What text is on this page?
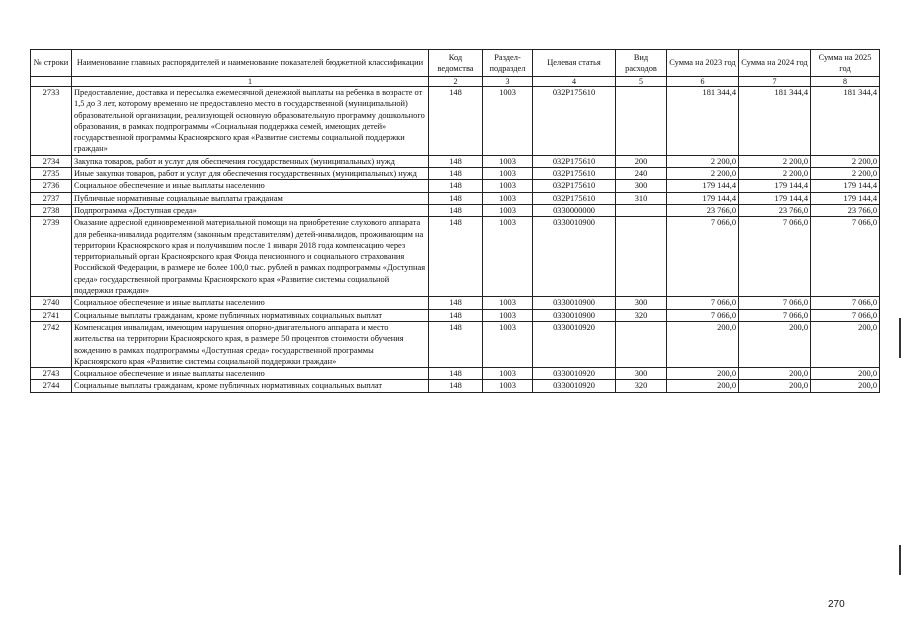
№ строки	Наименование главных распорядителей и наименование показателей бюджетной классификации	Код ведомства	Раздел-подраздел	Целевая статья	Вид расходов	Сумма на 2023 год	Сумма на 2024 год	Сумма на 2025 год
	1	2	3	4	5	6	7	8
2733	Предоставление, доставка и пересылка ежемесячной денежной выплаты на ребенка в возрасте от 1,5 до 3 лет, которому временно не предоставлено место в государственной (муниципальной) образовательной организации, реализующей основную образовательную программу дошкольного образования, в рамках подпрограммы «Социальная поддержка семей, имеющих детей» государственной программы Красноярского края «Развитие системы социальной поддержки граждан»	148	1003	032Р175610		181 344,4	181 344,4	181 344,4
2734	Закупка товаров, работ и услуг для обеспечения государственных (муниципальных) нужд	148	1003	032Р175610	200	2 200,0	2 200,0	2 200,0
2735	Иные закупки товаров, работ и услуг для обеспечения государственных (муниципальных) нужд	148	1003	032Р175610	240	2 200,0	2 200,0	2 200,0
2736	Социальное обеспечение и иные выплаты населению	148	1003	032Р175610	300	179 144,4	179 144,4	179 144,4
2737	Публичные нормативные социальные выплаты гражданам	148	1003	032Р175610	310	179 144,4	179 144,4	179 144,4
2738	Подпрограмма «Доступная среда»	148	1003	0330000000		23 766,0	23 766,0	23 766,0
2739	Оказание адресной единовременной материальной помощи на приобретение слухового аппарата для ребенка-инвалида родителям (законным представителям) детей-инвалидов, проживающим на территории Красноярского края и получившим после 1 января 2018 года компенсацию через территориальный орган Красноярского края Фонда пенсионного и социального страхования Российской Федерации, в размере не более 100,0 тыс. рублей в рамках подпрограммы «Доступная среда» государственной программы Красноярского края «Развитие системы социальной поддержки граждан»	148	1003	0330010900		7 066,0	7 066,0	7 066,0
2740	Социальное обеспечение и иные выплаты населению	148	1003	0330010900	300	7 066,0	7 066,0	7 066,0
2741	Социальные выплаты гражданам, кроме публичных нормативных социальных выплат	148	1003	0330010900	320	7 066,0	7 066,0	7 066,0
2742	Компенсация инвалидам, имеющим нарушения опорно-двигательного аппарата и место жительства на территории Красноярского края, в размере 50 процентов стоимости обучения вождению в рамках подпрограммы «Доступная среда» государственной программы Красноярского края «Развитие системы социальной поддержки граждан»	148	1003	0330010920		200,0	200,0	200,0
2743	Социальное обеспечение и иные выплаты населению	148	1003	0330010920	300	200,0	200,0	200,0
2744	Социальные выплаты гражданам, кроме публичных нормативных социальных выплат	148	1003	0330010920	320	200,0	200,0	200,0
270
